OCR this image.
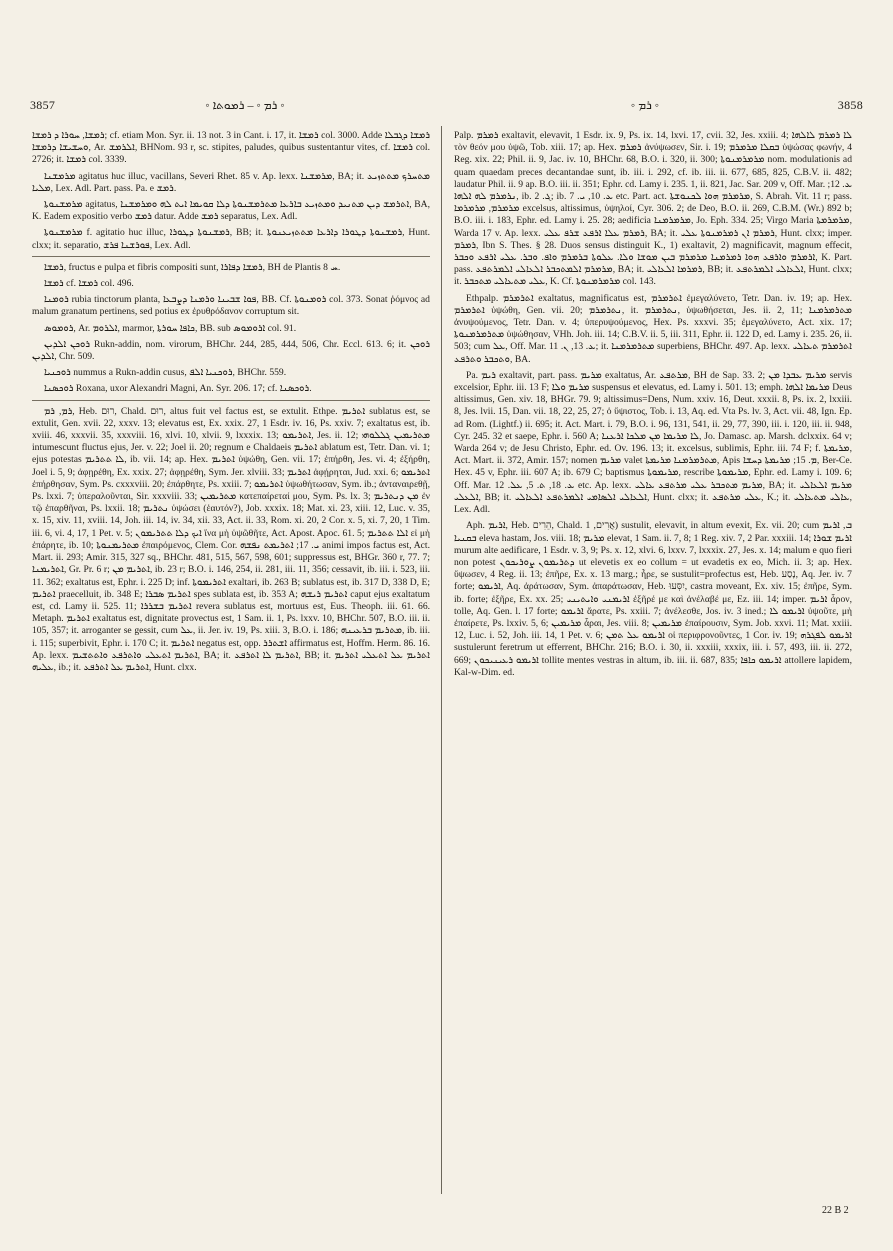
3857	◦ ܪܡ ◦ – ܪܡܘܬܐ ◦	◦ ܪܡ ◦	3858

ܪܡܫܐ, ܚܘܪܐ ܕ ܪܡܫܐ; cf. etiam Mon. Syr. ii. 13 not. 3 in Cant. i. 17, it. ܪܡܫܐ col. 3000. Adde ܪܡܫܐ ܕܓܒܠܐ ܘܚܫܝܫܐ ܕܪܡܫܐ, Ar. ܐܠܪܡܫ, BHNom. 93 r, sc. stipites, paludes, quibus sustentantur vites, cf. ܪܡܫܐ col. 2726; it. ܪܡܫܐ col. 3339.

ܡܪܡܫܢܐ agitatus huc illuc, vacillans, Severi Rhet. 85 v. Ap. lexx. ܡܪܡܫܢܐ, BA; it. ܡܬܚܪܟ ܡܬܬܙܝܥ ܡܠܝܐ, Lex. Adl. Part. pass. Pa. e ܪܡܫ.

ܡܪܡܫܢܘܬܐ agitatus, ܐܬܪܡܫ ܕܝܢ ܡܬܢܝܕ ܘܡܬܙܝܥ ܒܐܪܥܐ ܡܬܪܡܫܢܘܬܐ ܕܠܐ ܩܘܝܡܐ ܐܝܬ ܠܗ ܘܡܪܡܫܢܐ, BA, K. Eadem expositio verbo ܪܡܫ datur. Adde ܪܡܫ separatus, Lex. Adl.

ܡܪܡܫܢܘܬܐ f. agitatio huc illuc, ܪܡܫܢܘܬܐ ܕܛܘܪܐ, BB; it. ܪܡܫܢܘܬܐ ܕܛܘܪܐ ܕܐܪܥܐ ܡܬܬܙܝܥܢܘܬܐ, Hunt. clxx; it. separatio, ܦܘܪܫܢܐ ܦܪܫ, Lex. Adl.

ܪܡܫܐ, fructus e pulpa et fibris compositi sunt, ܪܡܫܐ ܕܦܐܪܐ, BH de Plantis ܚ 8.

ܪܡܫܐ cf. ܪܡܫܐ col. 496.

ܪܘܡܢܐ rubia tinctorum planta, ܦܘܐ ܫܒܝܢܐ ܘܪܡܢܐ ܕܨܒܥܐ, BB. Cf. ܪܘܡܢܘܬܐ col. 373. Sonat ῥόμνος ad malum granatum pertinens, sed potius ex ἐρυθρόδανον corruptum sit.

ܪܘܡܘܣ, Ar. ܐܠܪܘܡ, marmor, ܟܐܦܐ ܚܘܪܬܐ, BB. sub ܐܪܘܡܘܣ col. 91.

ܪܘܟܢ ܐܠܕܝܢ Rukn-addin, nom. virorum, BHChr. 244, 285, 444, 506, Chr. Eccl. 613. 6; it. ܪܘܟܢ ܐܠܕܝܢ, Chr. 509.

ܪܘܟܢܝܐ nummus a Rukn-addin cusus, ܪܘܟܢܝܐ ܐܠܦ, BHChr. 559.

ܪܘܟܣܢܐ Roxana, uxor Alexandri Magni, An. Syr. 206. 17; cf. ܪܘܟܣܢܐ.

ܪܡ, ܪܡ, Heb. רוּם, Chald. רוּם, altus fuit vel factus est, se extulit. Ethpe. ܐܬܪܝܡ sublatus est, se extulit, Gen. xvii. 22, xxxv. 13; elevatus est, Ex. xxix. 27, 1 Esdr. iv. 16, Ps. xxiv. 7; exaltatus est, ib. xviii. 46, xxxvii. 35, xxxviii. 16, xlvi. 10, xlvii. 9, lxxxix. 13; ܐܬܪܝܡܘ, Jes. ii. 12; ܡܬܪܝܡܝܢ ܓܠܠܘܗܝ intumescunt fluctus ejus, Jer. v. 22; Joel ii. 20; regnum e Chaldaeis ܐܬܪܝܡ ablatum est, Tetr. Dan. vi. 1; ejus potestas ܠܐ ܬܬܪܝܡ, ib. vii. 14; ap. Hex. ܐܬܪܝܡ ὑψώθη, Gen. vii. 17; ἐπήρθη, Jes. vi. 4; ἐξήρθη, Joel i. 5, 9; ἀφῃρέθη, Ex. xxix. 27; ἀφῃρέθη, Sym. Jer. xlviii. 33; ܐܬܪܝܡ ἀφῄρηται, Jud. xxi. 6; ܐܬܪܝܡܘ ἐπήρθησαν, Sym. Ps. cxxxviii. 20; ἐπάρθητε, Ps. xxiii. 7; ܐܬܪܝܡܘ ὑψωθήτωσαν, Sym. ib.; ἀνταναιρεθῇ, Ps. lxxi. 7; ὑπεραλοῦνται, Sir. xxxviii. 33; ܡܬܪܝܡܝܢ κατεπαίρεταί μου, Sym. Ps. lx. 3; ܡܢ ܕܢܬܪܝܡ ἐν τῷ ἐπαρθῆναι, Ps. lxxii. 18; ܢܬܪܝܡ ὑψώσει (ἑαυτόν?), Job. xxxix. 18; Mat. xi. 23, xiii. 12, Luc. v. 35, x. 15, xiv. 11, xviii. 14, Joh. iii. 14, iv. 34, xii. 33, Act. ii. 33, Rom. xi. 20, 2 Cor. x. 5, xi. 7, 20, 1 Tim. iii. 6, vi. 4, 17, 1 Pet. v. 5; ܐܝܟ ܕܠܐ ܬܬܪܝܡܘܢ ἵνα μὴ ὑψῶθῆτε, Act. Apost. Apoc. 61. 5; ܐܠܐ ܬܬܪܝܡ εἰ μὴ ἐπάρητε, ib. 10; ܡܬܪܝܡܢܘܬܐ ἐπαιρόμενος, Clem. Cor. ܝ. 17; ܐܬܪܝܡܬ ܢܦܫܗ animi impos factus est, Act. Mart. ii. 293; Amir. 315, 327 sq., BHChr. 481, 515, 567, 598, 601; suppressus est, BHGr. 360 r, 77. 7; ܐܬܪܝܡܢܐ, Gr. Pr. 6 r; ܐܬܪܝܡ ܡܢ, ib. 23 r; B.O. i. 146, 254, ii. 281, iii. 11, 356; cessavit, ib. iii. i. 523, iii. 11. 362; exaltatus est, Ephr. i. 225 D; inf. ܐܬܪܝܡܘܬܐ exaltari, ib. 263 B; sublatus est, ib. 317 D, 338 D, E; ܐܬܪܝܡ praecelluit, ib. 348 E; ܐܬܪܝܡ ܣܒܪܐ spes sublata est, ib. 353 A; ܐܬܪܝܡ ܪܝܫܗ caput ejus exaltatum est, cd. Lamy ii. 525. 11; ܐܬܪܝܡ ܒܫܪܪܐ revera sublatus est, mortuus est, Eus. Theoph. iii. 61. 66. Metaph. ܐܬܪܝܡ exaltatus est, dignitate provectus est, 1 Sam. ii. 1, Ps. lxxv. 10, BHChr. 507, B.O. iii. ii. 105, 357; it. arroganter se gessit, cum ܥܠ, ii. Jer. iv. 19, Ps. xiii. 3, B.O. i. 186; ܡܬܪܝܡ ܒܪܥܝܢܗ, ib. iii. i. 115; superbivit, Ephr. i. 170 C; it. ܐܬܪܝܡ negatus est, opp. ܐܫܬܪܪ affirmatus est, Hoffm. Herm. 86. 16. Ap. lexx. ܐܬܪܝܡ ܐܬܥܠܝ ܘܐܬܪܦܥ ܘܐܬܬܫܝܡ, BA; it. ܐܬܪܝܡ ܠܐ ܐܬܪܦܥ, BB; it. ܐܬܪܝܡ ܥܠ ܐܬܥܠܝ ܐܬܪܝܡ ܥܠܝܗ, ib.; it. ܐܬܪܝܡ ܥܠ ܐܬܪܦܥ, Hunt. clxx.

Palp. ܪܡܪܡ exaltavit, elevavit, 1 Esdr. ix. 9, Ps. ix. 14, lxvi. 17, cvii. 32, Jes. xxiii. 4; ܠܐ ܪܡܪܡ ܠܐܠܗܐ τὸν θεόν μου ὑψῶ, Tob. xiii. 17; ap. Hex. ܪܡܪܡ ἀνύψωσεν, Sir. i. 19; ܒܩܠܐ ܡܪܡܪܡ ὑψώσας φωνήν, 4 Reg. xix. 22; Phil. ii. 9, Jac. iv. 10, BHChr. 68, B.O. i. 320, ii. 300; ܡܪܡܪܡܢܘܬܐ nom. modulationis ad quam quaedam preces decantandae sunt, ib. iii. i. 292, cf. ib. iii. ii. 677, 685, 825, C.B.V. ii. 482; laudatur Phil. ii. 9 ap. B.O. iii. ii. 351; Ephr. cd. Lamy i. 235. 1, ii. 821, Jac. Sar. 209 v, Off. Mar. ܥ. 12; ܢܪܡܪܡ ܠܗ ܐܠܗܐ, ib. ܓ. 2; ib. ܥ. 10, ܝ. 7 etc. Part. act. ܡܪܡܪܡ ܗܘܐ ܠܟܢܘܫܬܐ, S. Abrah. Vit. 11 r; pass. ܡܪܡܪܡ, ܡܪܡܪܡܐ excelsus, altissimus, ὑψηλοί, Cyr. 306. 2; de Deo, B.O. ii. 269, C.B.M. (Wr.) 892 b; B.O. iii. i. 183, Ephr. ed. Lamy i. 25. 28; aedificia ܡܪܡܪܡܢܐ, Jo. Eph. 334. 25; Virgo Maria ܡܪܡܪܡܬܐ, Warda 17 v. Ap. lexx. ܪܡܪܡ ܥܠܐ ܐܪܦܥ ܫܪܦ ܥܠܝ, BA; it. ܪܡܪܡ ܐܢ ܪܡܪܡܢܘܬܐ ܥܠܝ, Hunt. clxx; imper. ܪܡܪܡ, Ibn S. Thes. § 28. Duos sensus distinguit K., 1) exaltavit, 2) magnificavit, magnum effecit, ܐܪܡܪܡ ܘܐܪܦܥ ܗܘܐ ܪܡܪܡܢܐ ܡܪܡܪܡ ܒܝܢ ܡܘܫܐ ܘܠܐ. ܥܠܘܬܐ ܒܪܡܪܡ ܘܐܦ. ܘܒܪ. ܥܠܝ ܐܪܦܥ ܘܟܒܪ, K. Part. pass. ܡܪܡܪܡ ܐܠܡܬܟܒܪ ܐܠܥܐܠܝ ܐܠܡܪܬܦܥ, BA; it. ܪܡܪܡܐ ܐܠܥܐܠܝ, BB; it. ܐܠܥܐܠܝ ܐܠܡܪܬܦܥ, Hunt. clxx; it. ܥܠܝ ܡܬܥܐܠܝ ܡܬܟܒܪ, K. Cf. ܡܪܡܪܡܢܘܬܐ col. 143.

Ethpalp. ܐܬܪܡܪܡ exaltatus, magnificatus est, ܐܬܪܡܪܡ ἐμεγαλύνετο, Tetr. Dan. iv. 19; ap. Hex. ܐܬܪܡܪܡ ὑψώθη, Gen. vii. 20; ܢܬܪܡܪܡ, it. ܢܬܪܡܪܡ, ὑψωθήσεται, Jes. ii. 2, 11; ܡܬܪܡܪܡܢܐ ἀνυψούμενος, Tetr. Dan. v. 4; ὑπερυψούμενος, Hex. Ps. xxxvi. 35; ἐμεγαλύνετο, Act. xix. 17; ܡܬܪܡܪܡܢܘܬܐ ὑψώθησαν, VHh. Joh. iii. 14; C.B.V. ii. 5, iii. 311, Ephr. ii. 122 D, ed. Lamy i. 235. 26, ii. 503; cum ܥܠ, Off. Mar. ܥ. 13, ܢ. 11; it. ܡܬܪܡܪܡܢܐ superbiens, BHChr. 497. Ap. lexx. ܐܬܪܡܪܡ ܬܥܐܠܝ ܘܬܟܒܪ ܘܬܪܦܥ, BA.

Pa. ܪܝܡ exaltavit, part. pass. ܡܪܝܡ exaltatus, Ar. ܡܪܬܦܥ, BH de Sap. 33. 2; ܡܪܝܡ ܥܒܕܐ ܡܢ servis excelsior, Ephr. iii. 13 F; ܡܪܝܡ ܘܠܐ suspensus et elevatus, ed. Lamy i. 501. 13; emph. ܡܪܝܡܐ ܐܠܗܐ Deus altissimus, Gen. xiv. 18, BHGr. 79. 9; altissimus=Dens, Num. xxiv. 16, Deut. xxxii. 8, Ps. ix. 2, lxxiii. 8, Jes. lvii. 15, Dan. vii. 18, 22, 25, 27; ὁ ὕψιστος, Tob. i. 13, Aq. ed. Vta Ps. lv. 3, Act. vii. 48, Ign. Ep. ad Rom. (Lightf.) ii. 695; it. Act. Mart. i. 79, B.O. i. 96, 131, 541, ii. 29, 77, 390, iii. i. 120, iii. ii. 948, Cyr. 245. 32 et saepe, Ephr. i. 560 A; ܠܐ ܡܪܝܡܐ ܡܢ ܡܠܟܐ ܐܪܥܢܐ, Jo. Damasc. ap. Marsh. dclxxix. 64 v; Warda 264 v; de Jesu Christo, Ephr. ed. Ov. 196. 13; it. excelsus, sublimis, Ephr. iii. 74 F; f. ܡܪܝܡܬܐ, Act. Mart. ii. 372, Amir. 157; nomen ܡܪܝܡ valet ܡܬܪܡܪܡܢܐ ܡܪܝܡܬܐ, Apis ܡ. 15; ܡܪܝܡܬܐ ܕܚܫܐ, Ber-Ce. Hex. 45 v, Ephr. iii. 607 A; ib. 679 C; baptismus ܡܪܝܡܘܬܐ, rescribe ܡܪܝܡܘܬܐ, Ephr. ed. Lamy i. 109. 6; Off. Mar. ܥ. 18, ܬ. 5, ܥܠ. 12 etc. Ap. lexx. ܡܪܝܡ ܡܬܟܒܪ ܥܠܝ ܡܪܬܦܥ ܥܐܠܝ, BA; it. ܡܪܝܡ ܐܠܥܐܠܝ ܐܠܥܠܝ, BB; it. ܐܠܥܐܠܝ ܐܠܣܐܡܝ ܐܠܡܪܬܦܥ ܐܠܥܐܠܝ, Hunt. clxx; it. ܥܠܝ ܡܪܬܦܥ, K.; it. ܥܐܠܝ ܡܬܥܐܠܝ, Lex. Adl.

Aph. ܐܪܝܡ, Heb. הֵרִים, Chald. אֲרִים, 1) sustulit, elevavit, in altum evexit, Ex. vii. 20; cum ܒ, ܐܪܝܡ ܒܩܢܝܐ eleva hastam, Jos. viii. 18; ܡܪܝܡ elevat, 1 Sam. ii. 7, 8; 1 Reg. xiv. 7, 2 Par. xxxiii. 14; ܐܪܝܡ ܫܘܪܐ murum alte aedificare, 1 Esdr. v. 3, 9; Ps. x. 12, xlvi. 6, lxxv. 7, lxxxix. 27, Jes. x. 14; malum e quo fieri non potest ܕܬܪܝܡܘܢ ܨܘܪܝܟܘܢ ut elevetis ex eo collum = ut evadetis ex eo, Mich. ii. 3; ap. Hex. ὕψωσεν, 4 Reg. ii. 13; ἐπῆρε, Ex. x. 13 marg.; ἦρε, se sustulit=profectus est, Heb. נָסַע, Aq. Jer. iv. 7 forte; ܐܪܝܡܘ, Aq. ἀράτωσαν, Sym. ἀπαράτωσαν, Heb. יִסְּעוּ, castra moveant, Ex. xiv. 15; ἐπῆρε, Sym. ib. forte; ἐξῆρε, Ex. xx. 25; ܐܪܝܡܢܝ ܘܐܝܬܝܢܝ ἐξῆρέ με καὶ ἀνέλαβέ με, Ez. iii. 14; imper. ܐܪܝܡ ἆρον, tolle, Aq. Gen. l. 17 forte; ܐܪܝܡܘ ἄρατε, Ps. xxiii. 7; ἀνέλεσθε, Jos. iv. 3 ined.; ܐܪܝܡܘ ܠܐ ὑψοῦτε, μὴ ἐπαίρετε, Ps. lxxiv. 5, 6; ܡܪܝܡܝܢ ἆραι, Jes. viii. 8; ܡܪܝܡܝܢ ἐπαίρουσιν, Sym. Job. xxvi. 11; Mat. xxiii. 12, Luc. i. 52, Joh. iii. 14, 1 Pet. v. 6; ܐܪܝܡܘ ܥܠ ܬܡܢ οἱ περιφρονοῦντες, 1 Cor. iv. 19; ܐܪܝܡܘ ܠܦܓܪܗ sustulerunt feretrum ut efferrent, BHChr. 216; B.O. i. 30, ii. xxxiii, xxxix, iii. i. 57, 493, iii. ii. 272, 669; ܐܪܝܡܘ ܪܥܝܢܝܟܘܢ tollite mentes vestras in altum, ib. iii. ii. 687, 835; ܐܪܝܡܘ ܟܐܦܐ attollere lapidem, Kal-w-Dim. ed.

22 B 2
